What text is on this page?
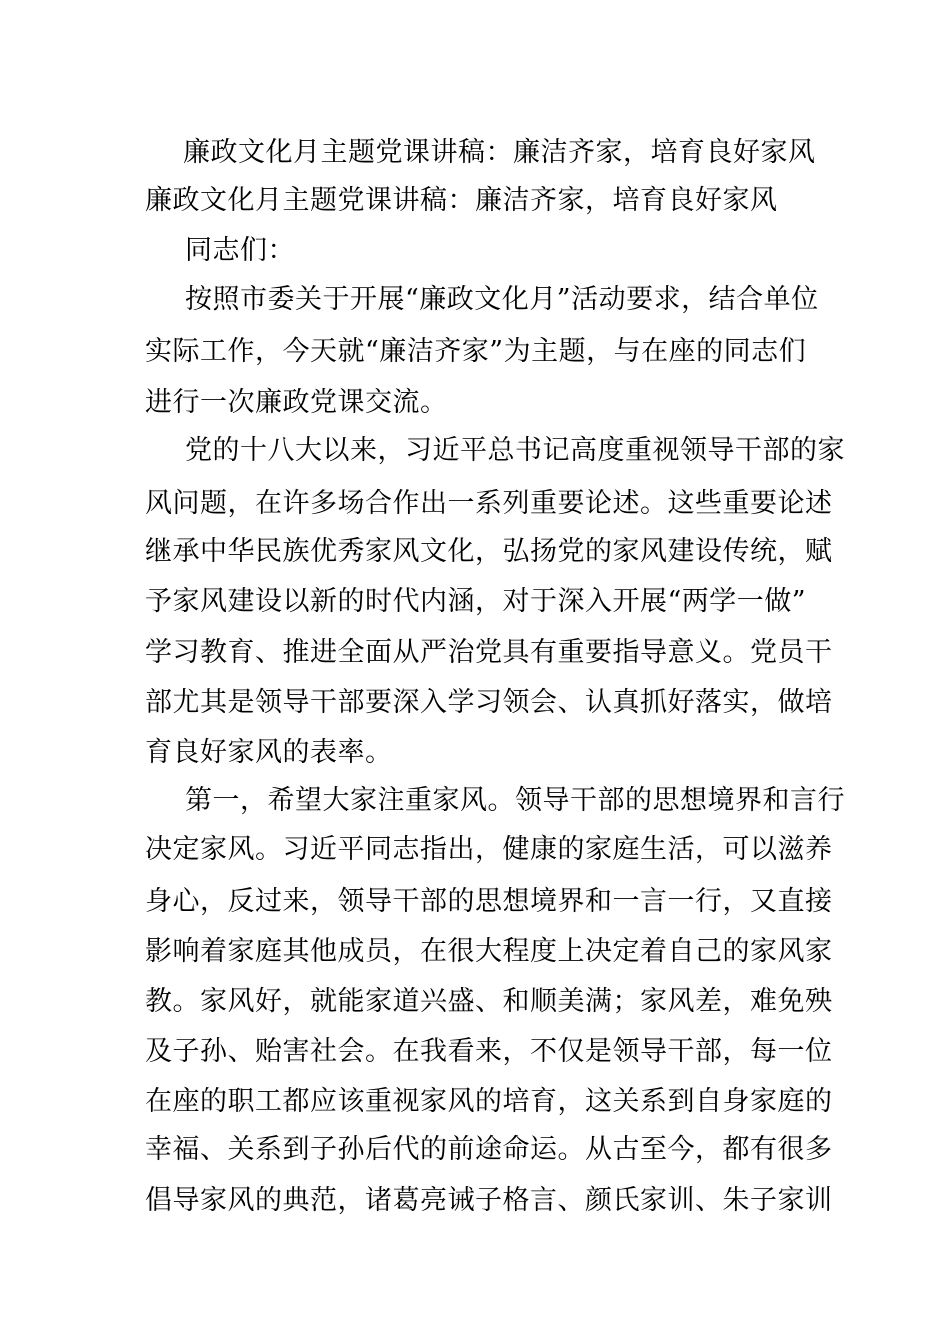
廉政文化月主题党课讲稿：廉洁齐家，培育良好家风
廉政文化月主题党课讲稿：廉洁齐家，培育良好家风
同志们：
按照市委关于开展“廉政文化月”活动要求，结合单位
实际工作，今天就“廉洁齐家”为主题，与在座的同志们
进行一次廉政党课交流。
党的十八大以来，习近平总书记高度重视领导干部的家
风问题，在许多场合作出一系列重要论述。这些重要论述
继承中华民族优秀家风文化，弘扬党的家风建设传统，赋
予家风建设以新的时代内涵，对于深入开展“两学一做”
学习教育、推进全面从严治党具有重要指导意义。党员干
部尤其是领导干部要深入学习领会、认真抓好落实，做培
育良好家风的表率。
第一，希望大家注重家风。领导干部的思想境界和言行
决定家风。习近平同志指出，健康的家庭生活，可以滋养
身心，反过来，领导干部的思想境界和一言一行，又直接
影响着家庭其他成员，在很大程度上决定着自己的家风家
教。家风好，就能家道兴盛、和顺美满；家风差，难免殃
及子孙、贻害社会。在我看来，不仅是领导干部，每一位
在座的职工都应该重视家风的培育，这关系到自身家庭的
幸福、关系到子孙后代的前途命运。从古至今，都有很多
倡导家风的典范，诸葛亮诫子格言、颜氏家训、朱子家训
